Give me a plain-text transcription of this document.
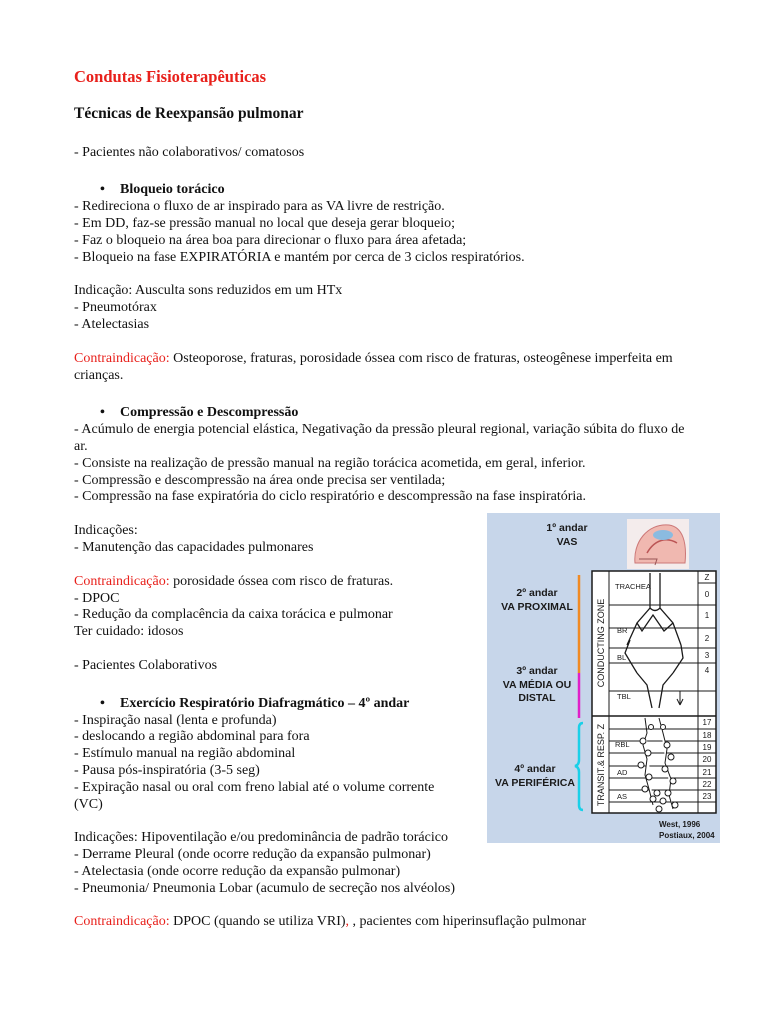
Condutas Fisioterapêuticas
Técnicas de Reexpansão pulmonar
- Pacientes não colaborativos/ comatosos
• Bloqueio torácico
- Redireciona o fluxo de ar inspirado para as VA livre de restrição.
- Em DD, faz-se pressão manual no local que deseja gerar bloqueio;
- Faz o bloqueio na área boa para direcionar o fluxo para área afetada;
- Bloqueio na fase EXPIRATÓRIA e mantém por cerca de 3 ciclos respiratórios.
Indicação: Ausculta sons reduzidos em um HTx
- Pneumotórax
- Atelectasias
Contraindicação: Osteoporose, fraturas, porosidade óssea com risco de fraturas, osteogênese imperfeita em crianças.
• Compressão e Descompressão
- Acúmulo de energia potencial elástica, Negativação da pressão pleural regional, variação súbita do fluxo de ar.
- Consiste na realização de pressão manual na região torácica acometida, em geral, inferior.
- Compressão e descompressão na área onde precisa ser ventilada;
- Compressão na fase expiratória do ciclo respiratório e descompressão na fase inspiratória.
Indicações:
- Manutenção das capacidades pulmonares
Contraindicação: porosidade óssea com risco de fraturas.
- DPOC
- Redução da complacência da caixa torácica e pulmonar
Ter cuidado: idosos
- Pacientes Colaborativos
• Exercício Respiratório Diafragmático – 4º andar
- Inspiração nasal (lenta e profunda)
- deslocando a região abdominal para fora
- Estímulo manual na região abdominal
- Pausa pós-inspiratória (3-5 seg)
- Expiração nasal ou oral com freno labial até o volume corrente
(VC)
Indicações: Hipoventilação e/ou predominância de padrão torácico
- Derrame Pleural (onde ocorre redução da expansão pulmonar)
- Atelectasia (onde ocorre redução da expansão pulmonar)
- Pneumonia/ Pneumonia Lobar (acumulo de secreção nos alvéolos)
Contraindicação: DPOC (quando se utiliza VRI), , pacientes com hiperinsuflação pulmonar
1º andar
VAS
2º andar
VA PROXIMAL
3º andar
VA MÉDIA OU
DISTAL
4º andar
VA PERIFÉRICA
CONDUCTING ZONE
TRANSIT.& RESP. Z
Z
0
1
2
3
4
17
18
19
20
21
22
23
TRACHEA
BR
BL
TBL
RBL
AD
AS
West, 1996
Postiaux, 2004
